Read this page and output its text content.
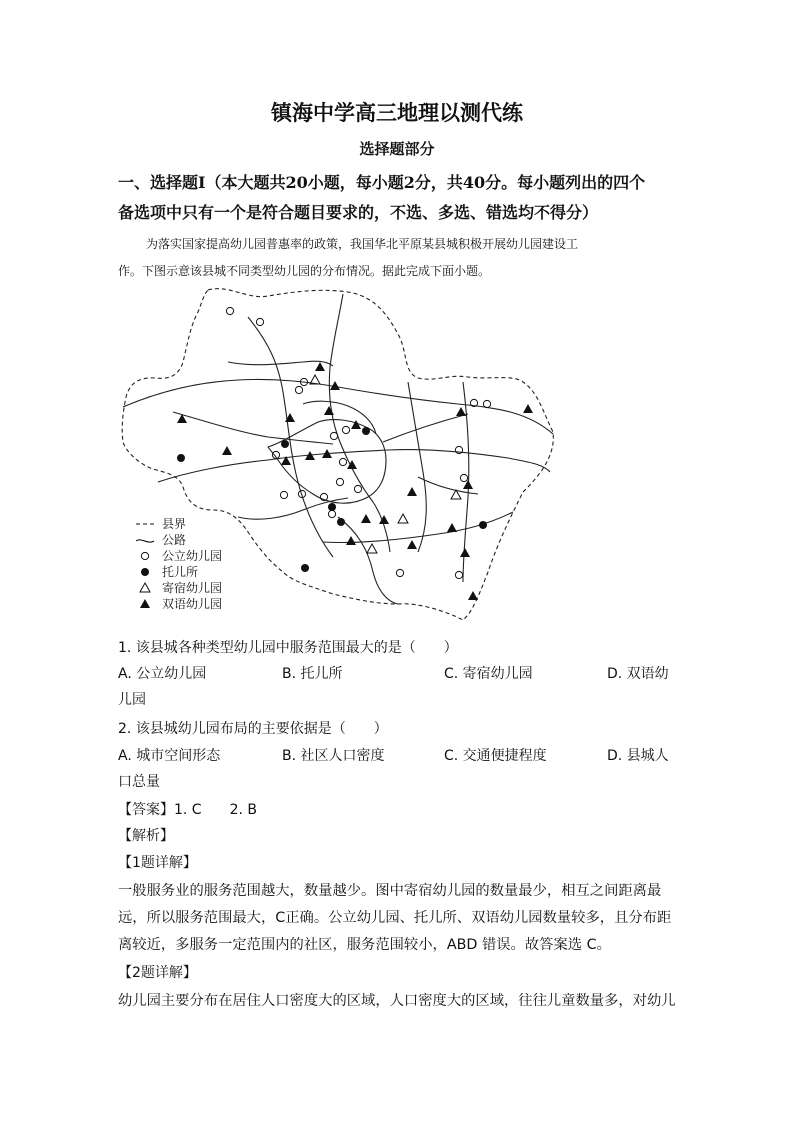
镇海中学高三地理以测代练
选择题部分
一、选择题Ⅰ（本大题共20小题，每小题2分，共40分。每小题列出的四个
备选项中只有一个是符合题目要求的，不选、多选、错选均不得分）
为落实国家提高幼儿园普惠率的政策，我国华北平原某县城积极开展幼儿园建设工
作。下图示意该县城不同类型幼儿园的分布情况。据此完成下面小题。
县界
公路
公立幼儿园
托儿所
寄宿幼儿园
双语幼儿园
1. 该县城各种类型幼儿园中服务范围最大的是（　　）
A. 公立幼儿园	B. 托儿所	C. 寄宿幼儿园	D. 双语幼
儿园
2. 该县城幼儿园布局的主要依据是（　　）
A. 城市空间形态	B. 社区人口密度	C. 交通便捷程度	D. 县城人
口总量
【答案】1. C　　2. B
【解析】
【1题详解】
一般服务业的服务范围越大，数量越少。图中寄宿幼儿园的数量最少，相互之间距离最
远，所以服务范围最大，C正确。公立幼儿园、托儿所、双语幼儿园数量较多，且分布距
离较近，多服务一定范围内的社区，服务范围较小，ABD 错误。故答案选 C。
【2题详解】
幼儿园主要分布在居住人口密度大的区域，人口密度大的区域，往往儿童数量多，对幼儿
